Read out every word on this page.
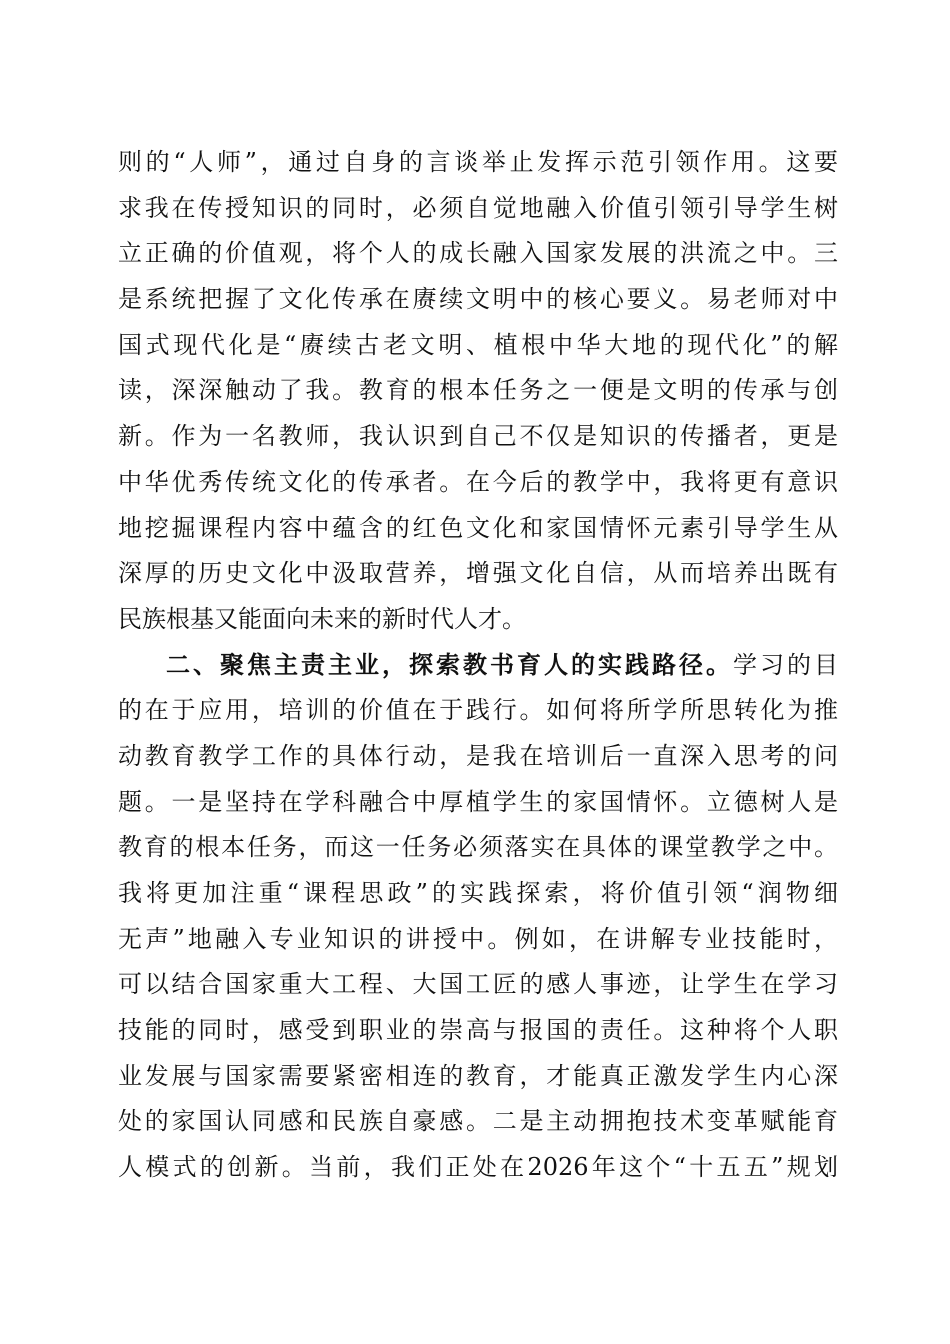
则的“人师”，通过自身的言谈举止发挥示范引领作用。这要
求我在传授知识的同时，必须自觉地融入价值引领引导学生树
立正确的价值观，将个人的成长融入国家发展的洪流之中。三
是系统把握了文化传承在赓续文明中的核心要义。易老师对中
国式现代化是“赓续古老文明、植根中华大地的现代化”的解
读，深深触动了我。教育的根本任务之一便是文明的传承与创
新。作为一名教师，我认识到自己不仅是知识的传播者，更是
中华优秀传统文化的传承者。在今后的教学中，我将更有意识
地挖掘课程内容中蕴含的红色文化和家国情怀元素引导学生从
深厚的历史文化中汲取营养，增强文化自信，从而培养出既有
民族根基又能面向未来的新时代人才。
二、聚焦主责主业，探索教书育人的实践路径。学习的目
的在于应用，培训的价值在于践行。如何将所学所思转化为推
动教育教学工作的具体行动，是我在培训后一直深入思考的问
题。一是坚持在学科融合中厚植学生的家国情怀。立德树人是
教育的根本任务，而这一任务必须落实在具体的课堂教学之中。
我将更加注重“课程思政”的实践探索，将价值引领“润物细
无声”地融入专业知识的讲授中。例如，在讲解专业技能时，
可以结合国家重大工程、大国工匠的感人事迹，让学生在学习
技能的同时，感受到职业的崇高与报国的责任。这种将个人职
业发展与国家需要紧密相连的教育，才能真正激发学生内心深
处的家国认同感和民族自豪感。二是主动拥抱技术变革赋能育
人模式的创新。当前，我们正处在2026年这个“十五五”规划
